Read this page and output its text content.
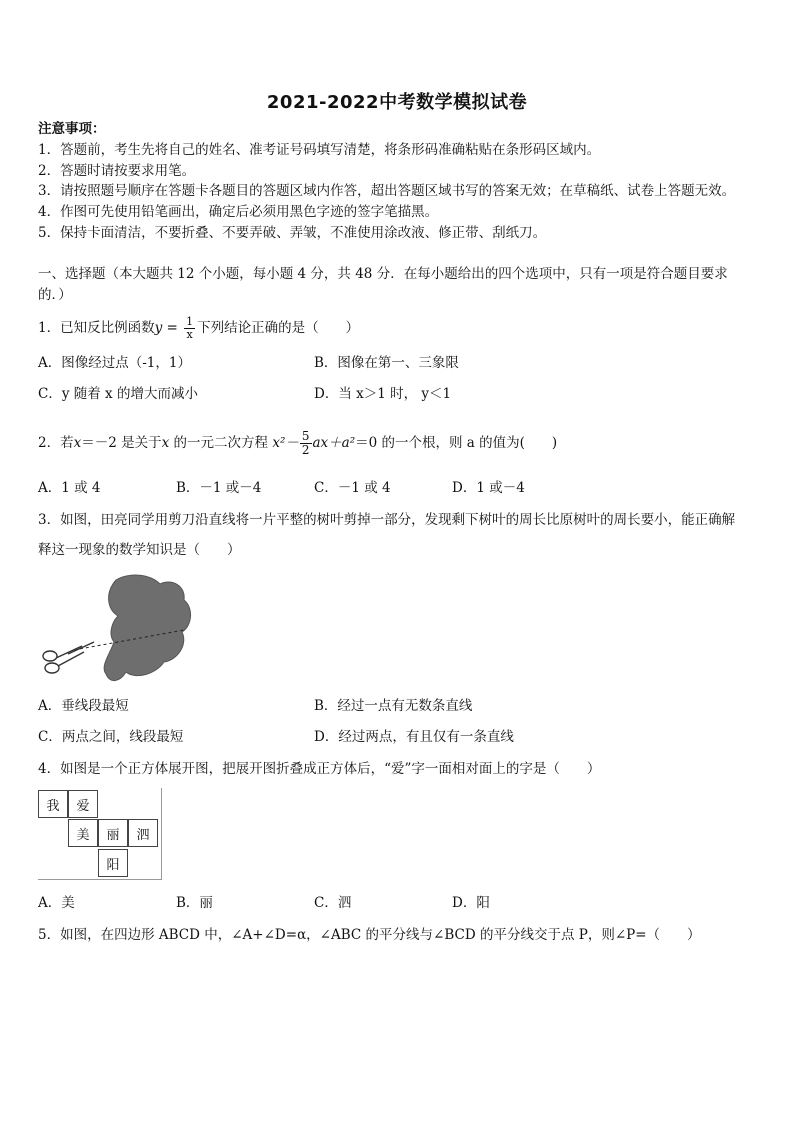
2021-2022中考数学模拟试卷
注意事项：
1．答题前，考生先将自己的姓名、准考证号码填写清楚，将条形码准确粘贴在条形码区域内。
2．答题时请按要求用笔。
3．请按照题号顺序在答题卡各题目的答题区域内作答，超出答题区域书写的答案无效；在草稿纸、试卷上答题无效。
4．作图可先使用铅笔画出，确定后必须用黑色字迹的签字笔描黑。
5．保持卡面清洁，不要折叠、不要弄破、弄皱，不准使用涂改液、修正带、刮纸刀。
一、选择题（本大题共 12 个小题，每小题 4 分，共 48 分．在每小题给出的四个选项中，只有一项是符合题目要求
的．）
1．已知反比例函数$y = \frac{1}{x}$ 下列结论正确的是（　　）
A．图像经过点（-1，1）	B．图像在第一、三象限
C．y 随着 x 的增大而减小	D．当 x＞1 时， y＜1
2．若x＝－2 是关于x 的一元二次方程 $x^2- \frac{5}{2} ax+a^2=0$ 的一个根，则 a 的值为(　　)
A．1 或 4	B．－1 或－4	C．－1 或 4	D．1 或－4
3．如图，田亮同学用剪刀沿直线将一片平整的树叶剪掉一部分，发现剩下树叶的周长比原树叶的周长要小，能正确解
释这一现象的数学知识是（　　）
A．垂线段最短	B．经过一点有无数条直线
C．两点之间，线段最短	D．经过两点，有且仅有一条直线
4．如图是一个正方体展开图，把展开图折叠成正方体后，“爱”字一面相对面上的字是（　　）
我	爱
美	丽	泗
阳
A．美	B．丽	C．泗	D．阳
5．如图，在四边形 ABCD 中，∠A+∠D=α，∠ABC 的平分线与∠BCD 的平分线交于点 P，则∠P=（　　）
